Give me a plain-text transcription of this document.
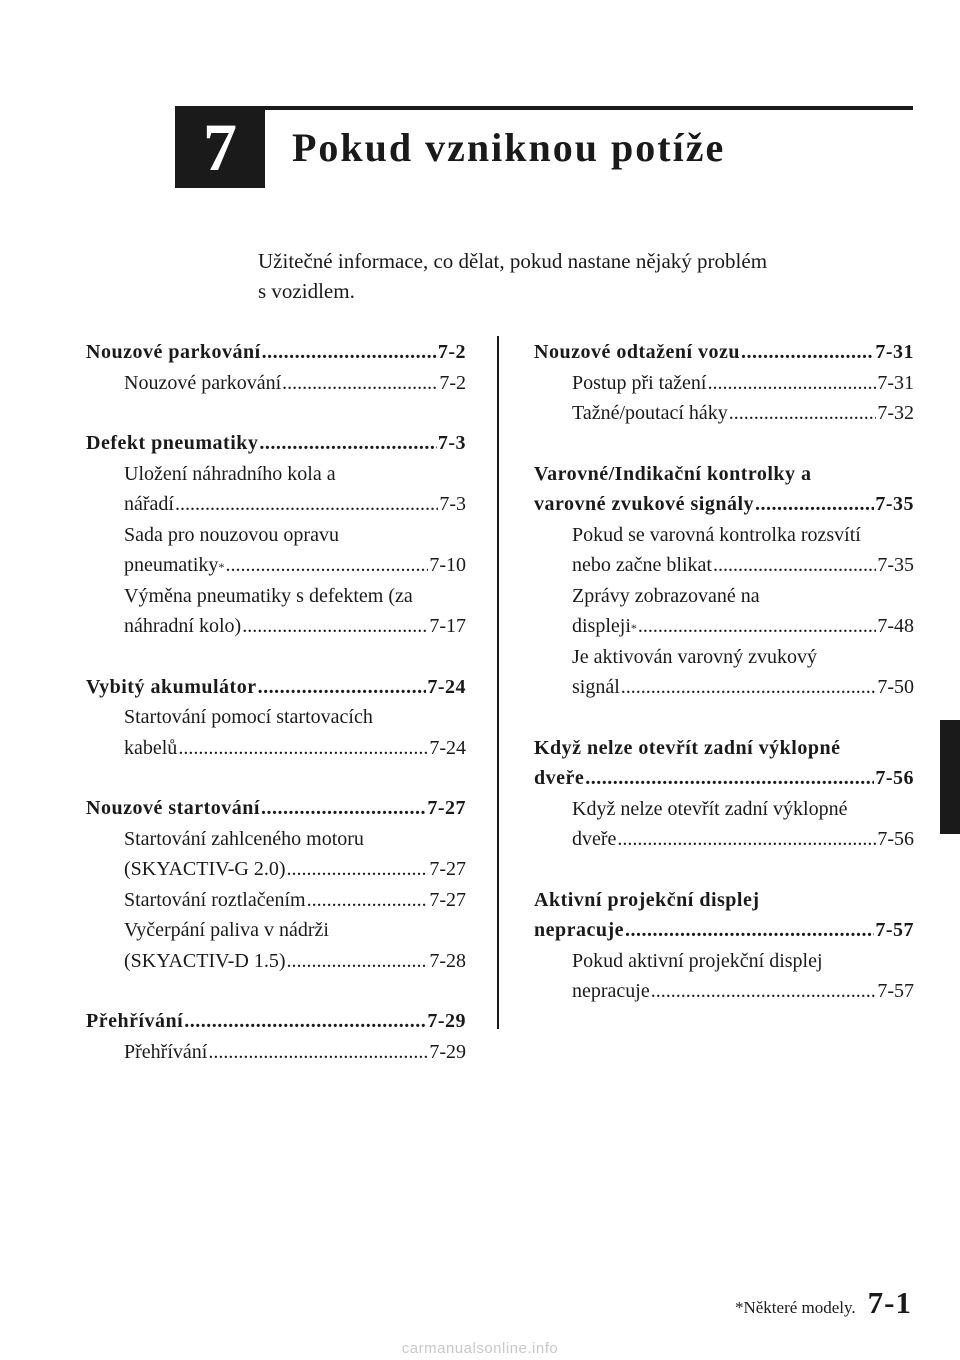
7 Pokud vzniknou potíže
Užitečné informace, co dělat, pokud nastane nějaký problém
s vozidlem.
Nouzové parkování .....	7-2
Nouzové parkování .....	7-2
Defekt pneumatiky .....	7-3
Uložení náhradního kola a
nářadí .....	7-3
Sada pro nouzovou opravu
pneumatiky * .....	7-10
Výměna pneumatiky s defektem (za
náhradní kolo) .....	7-17
Vybitý akumulátor .....	7-24
Startování pomocí startovacích
kabelů .....	7-24
Nouzové startování .....	7-27
Startování zahlceného motoru
(SKYACTIV-G 2.0) .....	7-27
Startování roztlačením .....	7-27
Vyčerpání paliva v nádrži
(SKYACTIV-D 1.5) .....	7-28
Přehřívání .....	7-29
Přehřívání .....	7-29
Nouzové odtažení vozu .....	7-31
Postup při tažení .....	7-31
Tažné/poutací háky .....	7-32
Varovné/Indikační kontrolky a
varovné zvukové signály .....	7-35
Pokud se varovná kontrolka rozsvítí
nebo začne blikat .....	7-35
Zprávy zobrazované na
displeji * .....	7-48
Je aktivován varovný zvukový
signál .....	7-50
Když nelze otevřít zadní výklopné
dveře .....	7-56
Když nelze otevřít zadní výklopné
dveře .....	7-56
Aktivní projekční displej
nepracuje .....	7-57
Pokud aktivní projekční displej
nepracuje .....	7-57
*Některé modely. 7-1
carmanualsonline.info
